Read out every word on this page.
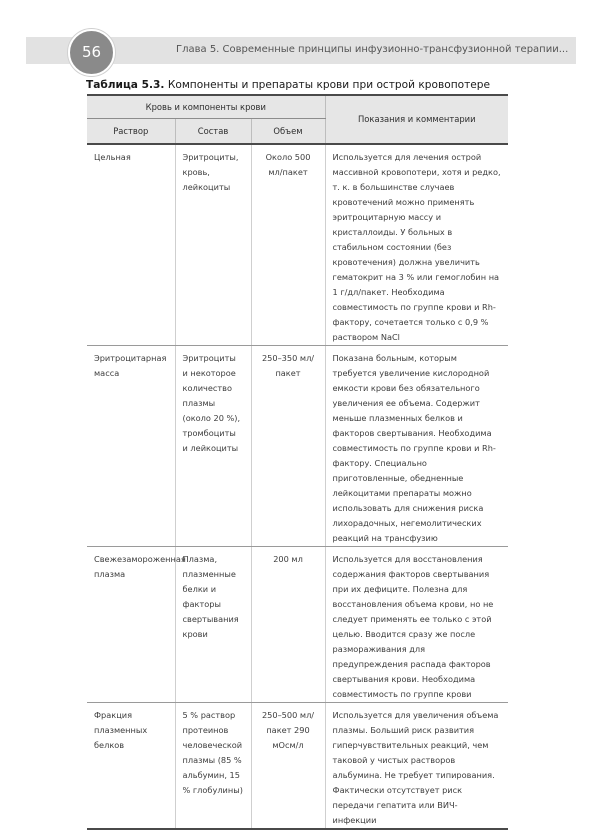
56	Глава 5. Современные принципы инфузионно-трансфузионной терапии...
Таблица 5.3. Компоненты и препараты крови при острой кровопотере
Кровь и компоненты крови			Показания и комментарии
Раствор	Состав	Объем	
Цельная	Эритроциты, кровь, лейкоциты	Около 500 мл/пакет	Используется для лечения острой массивной кровопотери, хотя и редко, т. к. в большинстве случаев кровотечений можно применять эритроцитарную массу и кристаллоиды. У больных в стабильном состоянии (без кровотечения) должна увеличить гематокрит на 3 % или гемоглобин на 1 г/дл/пакет. Необходима совместимость по группе крови и Rh-фактору, сочетается только с 0,9 % раствором NaCl
Эритроцитарная масса	Эритроциты и некоторое количество плазмы (около 20 %), тромбоциты и лейкоциты	250–350 мл/пакет	Показана больным, которым требуется увеличение кислородной емкости крови без обязательного увеличения ее объема. Содержит меньше плазменных белков и факторов свертывания. Необходима совместимость по группе крови и Rh-фактору. Специально приготовленные, обедненные лейкоцитами препараты можно использовать для снижения риска лихорадочных, негемолитических реакций на трансфузию
Свежезамороженная плазма	Плазма, плазменные белки и факторы свертывания крови	200 мл	Используется для восстановления содержания факторов свертывания при их дефиците. Полезна для восстановления объема крови, но не следует применять ее только с этой целью. Вводится сразу же после размораживания для предупреждения распада факторов свертывания крови. Необходима совместимость по группе крови
Фракция плазменных белков	5 % раствор протеинов человеческой плазмы (85 % альбумин, 15 % глобулины)	250–500 мл/пакет 290 мОсм/л	Используется для увеличения объема плазмы. Больший риск развития гиперчувствительных реакций, чем таковой у чистых растворов альбумина. Не требует типирования. Фактически отсутствует риск передачи гепатита или ВИЧ-инфекции
